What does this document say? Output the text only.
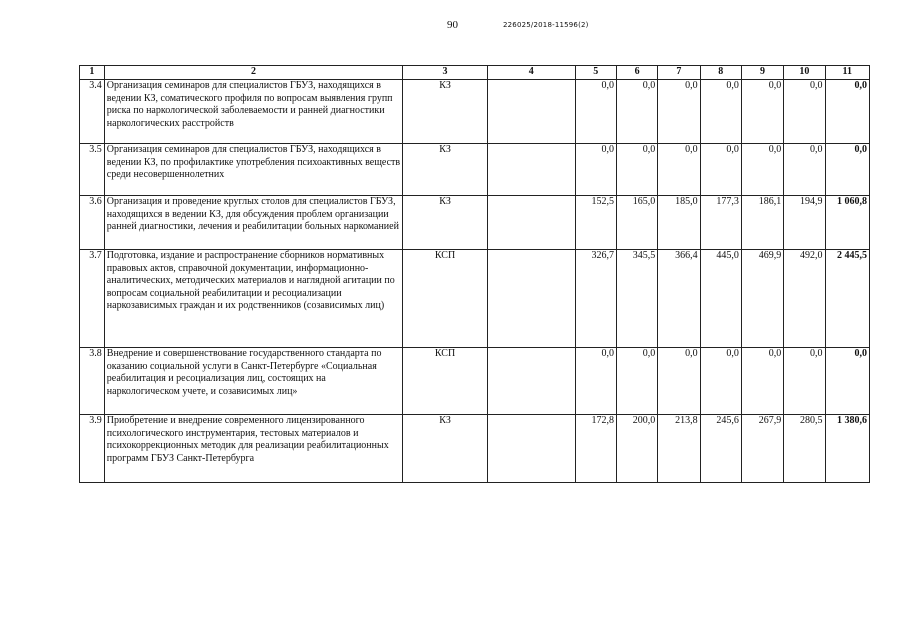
90	226025/2018-11596(2)
1	2	3	4	5	6	7	8	9	10	11
3.4	Организация семинаров для специалистов ГБУЗ, находящихся в ведении КЗ, соматического профиля по вопросам выявления групп риска по наркологической заболеваемости и ранней диагностики наркологических расстройств	КЗ		0,0	0,0	0,0	0,0	0,0	0,0	0,0
3.5	Организация семинаров для специалистов ГБУЗ, находящихся в ведении КЗ, по профилактике употребления психоактивных веществ среди несовершеннолетних	КЗ		0,0	0,0	0,0	0,0	0,0	0,0	0,0
3.6	Организация и проведение круглых столов для специалистов ГБУЗ, находящихся в ведении КЗ, для обсуждения проблем организации ранней диагностики, лечения и реабилитации больных наркоманией	КЗ		152,5	165,0	185,0	177,3	186,1	194,9	1 060,8
3.7	Подготовка, издание и распространение сборников нормативных правовых актов, справочной документации, информационно-аналитических, методических материалов и наглядной агитации по вопросам социальной реабилитации и ресоциализации наркозависимых граждан и их родственников (созависимых лиц)	КСП		326,7	345,5	366,4	445,0	469,9	492,0	2 445,5
3.8	Внедрение и совершенствование государственного стандарта по оказанию социальной услуги в Санкт-Петербурге «Социальная реабилитация и ресоциализация лиц, состоящих на наркологическом учете, и созависимых лиц»	КСП		0,0	0,0	0,0	0,0	0,0	0,0	0,0
3.9	Приобретение и внедрение современного лицензированного психологического инструментария, тестовых материалов и психокоррекционных методик для реализации реабилитационных программ ГБУЗ Санкт-Петербурга	КЗ		172,8	200,0	213,8	245,6	267,9	280,5	1 380,6
